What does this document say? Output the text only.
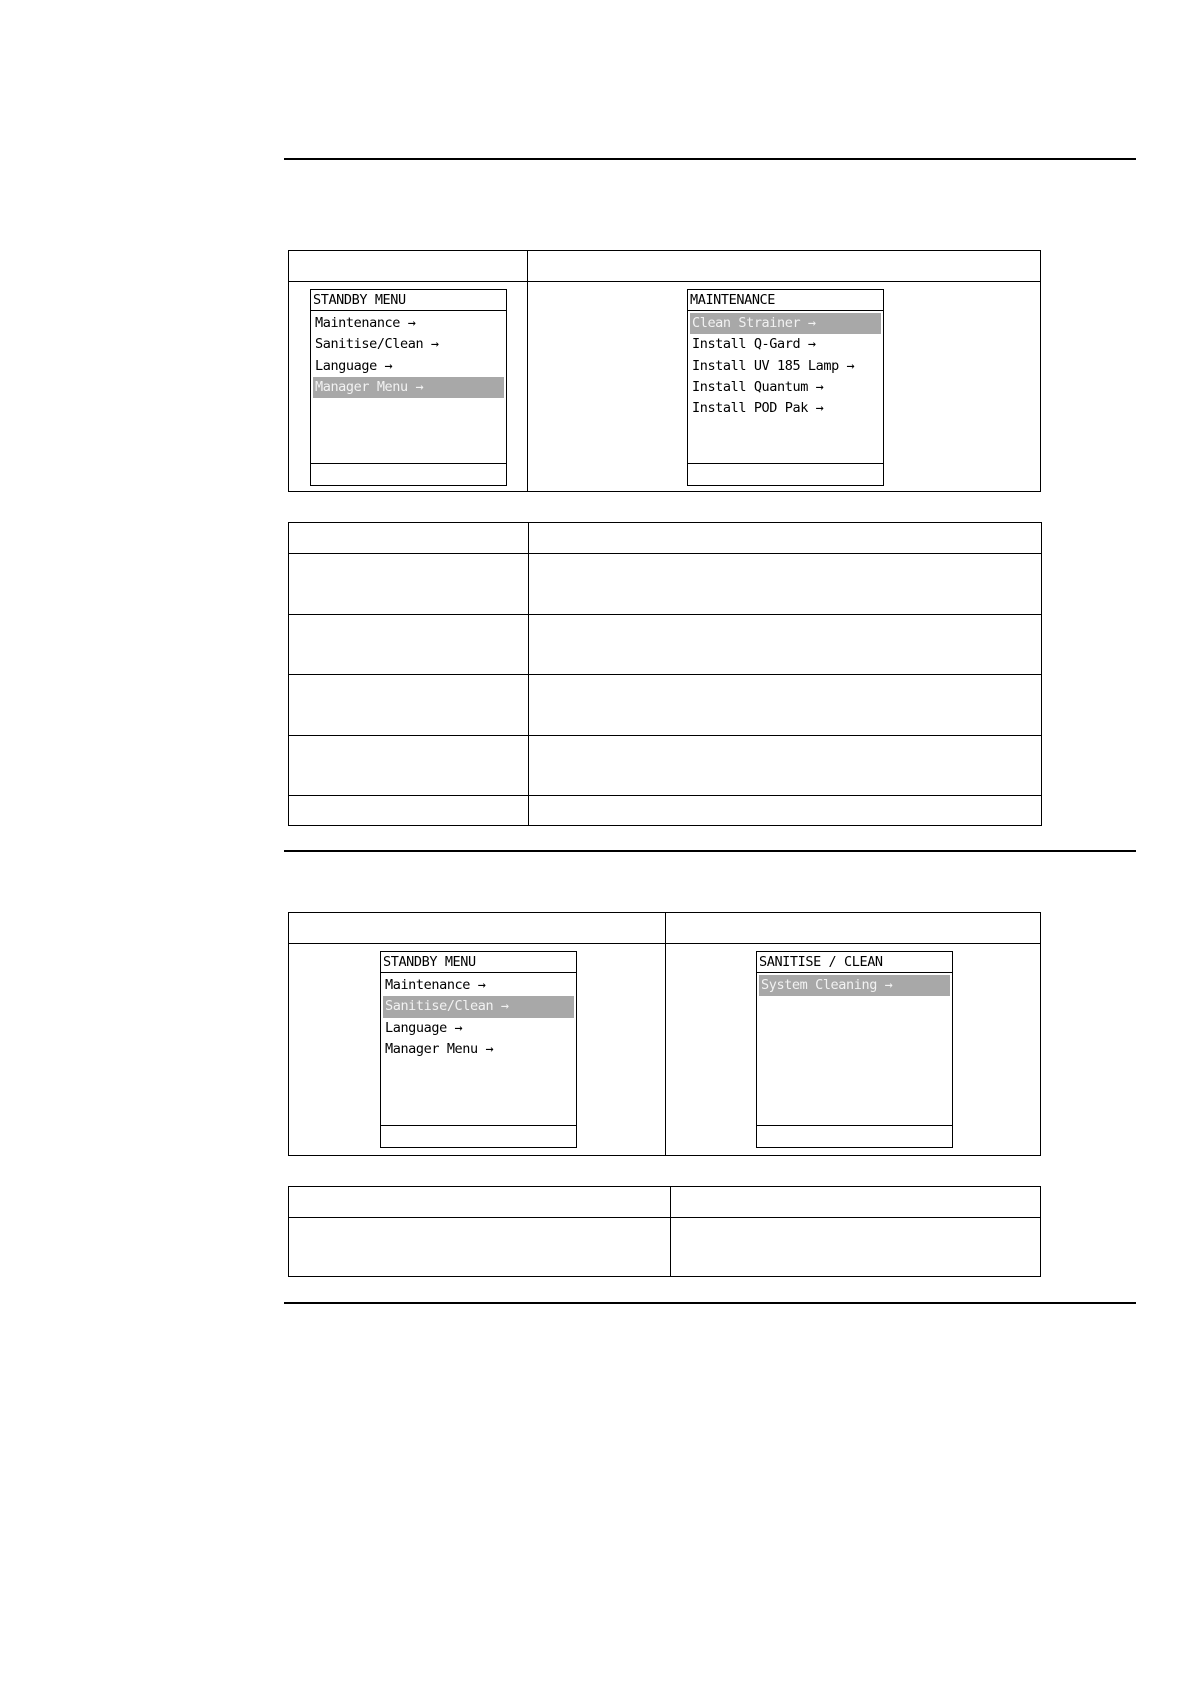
STANDBY MENU
Maintenance →
Sanitise/Clean →
Language →
Manager Menu →
MAINTENANCE
Clean Strainer →
Install Q-Gard →
Install UV 185 Lamp →
Install Quantum →
Install POD Pak →
STANDBY MENU
Maintenance →
Sanitise/Clean →
Language →
Manager Menu →
SANITISE / CLEAN
System Cleaning →
